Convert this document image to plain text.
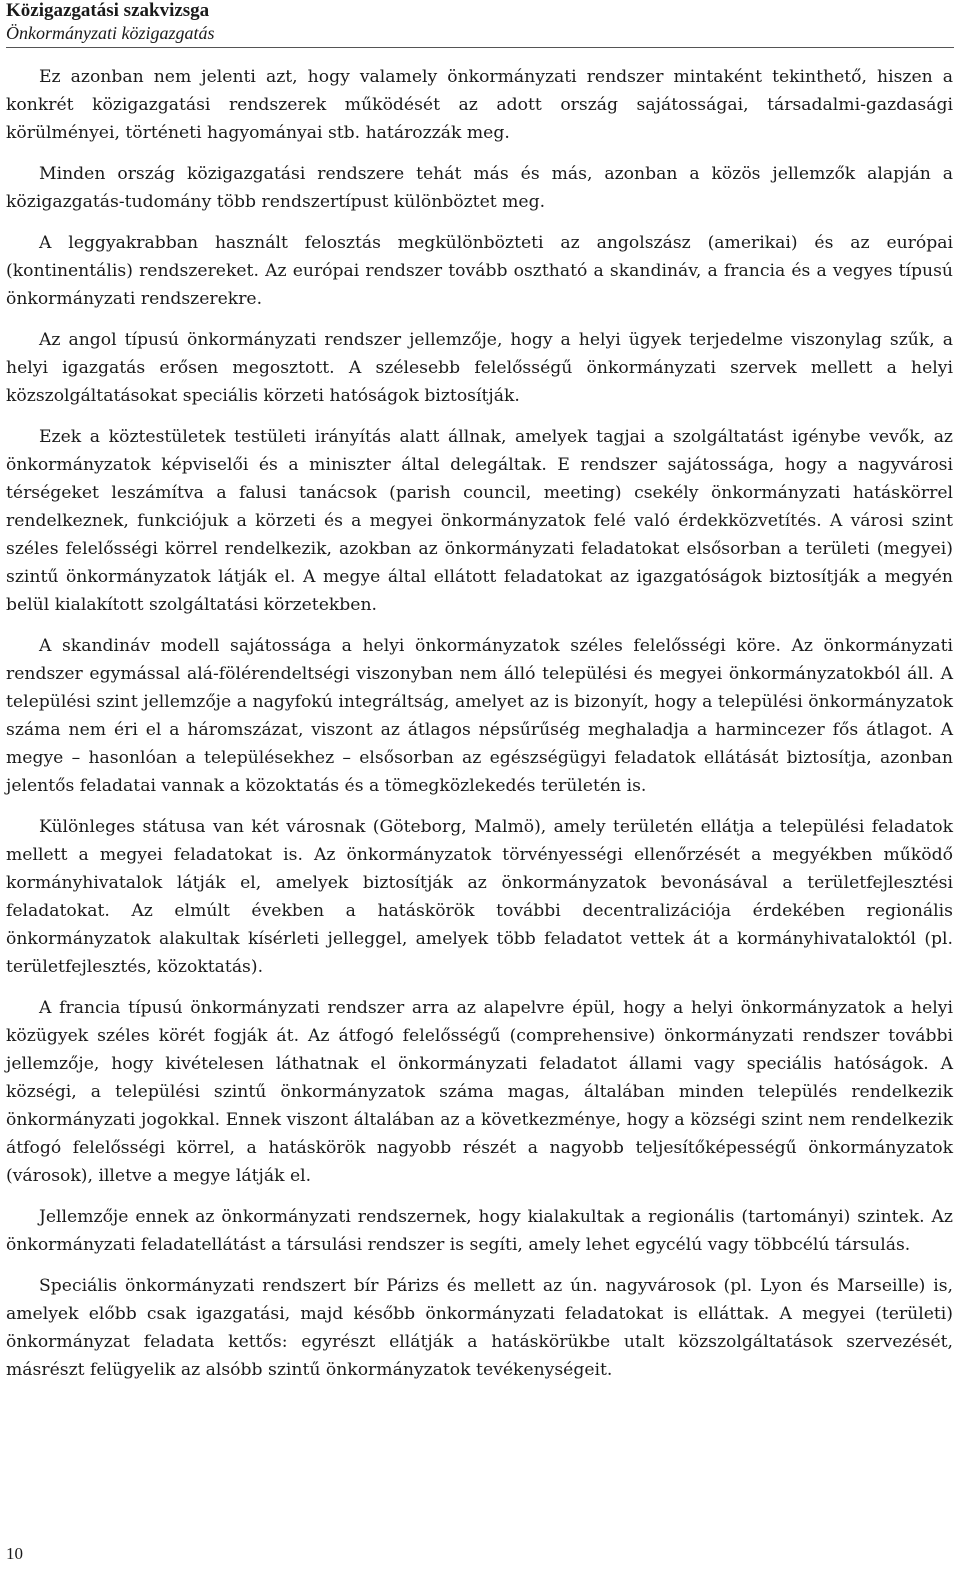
Közigazgatási szakvizsga
Önkormányzati közigazgatás

Ez azonban nem jelenti azt, hogy valamely önkormányzati rendszer mintaként tekinthető, hiszen a konkrét közigazgatási rendszerek működését az adott ország sajátosságai, társadalmi-gazdasági körülményei, történeti hagyományai stb. határozzák meg.

Minden ország közigazgatási rendszere tehát más és más, azonban a közös jellemzők alapján a közigazgatás-tudomány több rendszertípust különböztet meg.

A leggyakrabban használt felosztás megkülönbözteti az angolszász (amerikai) és az európai (kontinentális) rendszereket. Az európai rendszer tovább osztható a skandináv, a francia és a vegyes típusú önkormányzati rendszerekre.

Az angol típusú önkormányzati rendszer jellemzője, hogy a helyi ügyek terjedelme viszonylag szűk, a helyi igazgatás erősen megosztott. A szélesebb felelősségű önkormányzati szervek mellett a helyi közszolgáltatásokat speciális körzeti hatóságok biztosítják.

Ezek a köztestületek testületi irányítás alatt állnak, amelyek tagjai a szolgáltatást igénybe vevők, az önkormányzatok képviselői és a miniszter által delegáltak. E rendszer sajátossága, hogy a nagyvárosi térségeket leszámítva a falusi tanácsok (parish council, meeting) csekély önkormányzati hatáskörrel rendelkeznek, funkciójuk a körzeti és a megyei önkormányzatok felé való érdekközvetítés. A városi szint széles felelősségi körrel rendelkezik, azokban az önkormányzati feladatokat elsősorban a területi (megyei) szintű önkormányzatok látják el. A megye által ellátott feladatokat az igazgatóságok biztosítják a megyén belül kialakított szolgáltatási körzetekben.

A skandináv modell sajátossága a helyi önkormányzatok széles felelősségi köre. Az önkormányzati rendszer egymással alá-fölérendeltségi viszonyban nem álló települési és megyei önkormányzatokból áll. A települési szint jellemzője a nagyfokú integráltság, amelyet az is bizonyít, hogy a települési önkormányzatok száma nem éri el a háromszázat, viszont az átlagos népsűrűség meghaladja a harmincezer fős átlagot. A megye – hasonlóan a településekhez – elsősorban az egészségügyi feladatok ellátását biztosítja, azonban jelentős feladatai vannak a közoktatás és a tömegközlekedés területén is.

Különleges státusa van két városnak (Göteborg, Malmö), amely területén ellátja a települési feladatok mellett a megyei feladatokat is. Az önkormányzatok törvényességi ellenőrzését a megyékben működő kormányhivatalok látják el, amelyek biztosítják az önkormányzatok bevonásával a területfejlesztési feladatokat. Az elmúlt években a hatáskörök további decentralizációja érdekében regionális önkormányzatok alakultak kísérleti jelleggel, amelyek több feladatot vettek át a kormányhivataloktól (pl. területfejlesztés, közoktatás).

A francia típusú önkormányzati rendszer arra az alapelvre épül, hogy a helyi önkormányzatok a helyi közügyek széles körét fogják át. Az átfogó felelősségű (comprehensive) önkormányzati rendszer további jellemzője, hogy kivételesen láthatnak el önkormányzati feladatot állami vagy speciális hatóságok. A községi, a települési szintű önkormányzatok száma magas, általában minden település rendelkezik önkormányzati jogokkal. Ennek viszont általában az a következménye, hogy a községi szint nem rendelkezik átfogó felelősségi körrel, a hatáskörök nagyobb részét a nagyobb teljesítőképességű önkormányzatok (városok), illetve a megye látják el.

Jellemzője ennek az önkormányzati rendszernek, hogy kialakultak a regionális (tartományi) szintek. Az önkormányzati feladatellátást a társulási rendszer is segíti, amely lehet egycélú vagy többcélú társulás.

Speciális önkormányzati rendszert bír Párizs és mellett az ún. nagyvárosok (pl. Lyon és Marseille) is, amelyek előbb csak igazgatási, majd később önkormányzati feladatokat is elláttak. A megyei (területi) önkormányzat feladata kettős: egyrészt ellátják a hatáskörükbe utalt közszolgáltatások szervezését, másrészt felügyelik az alsóbb szintű önkormányzatok tevékenységeit.

10
